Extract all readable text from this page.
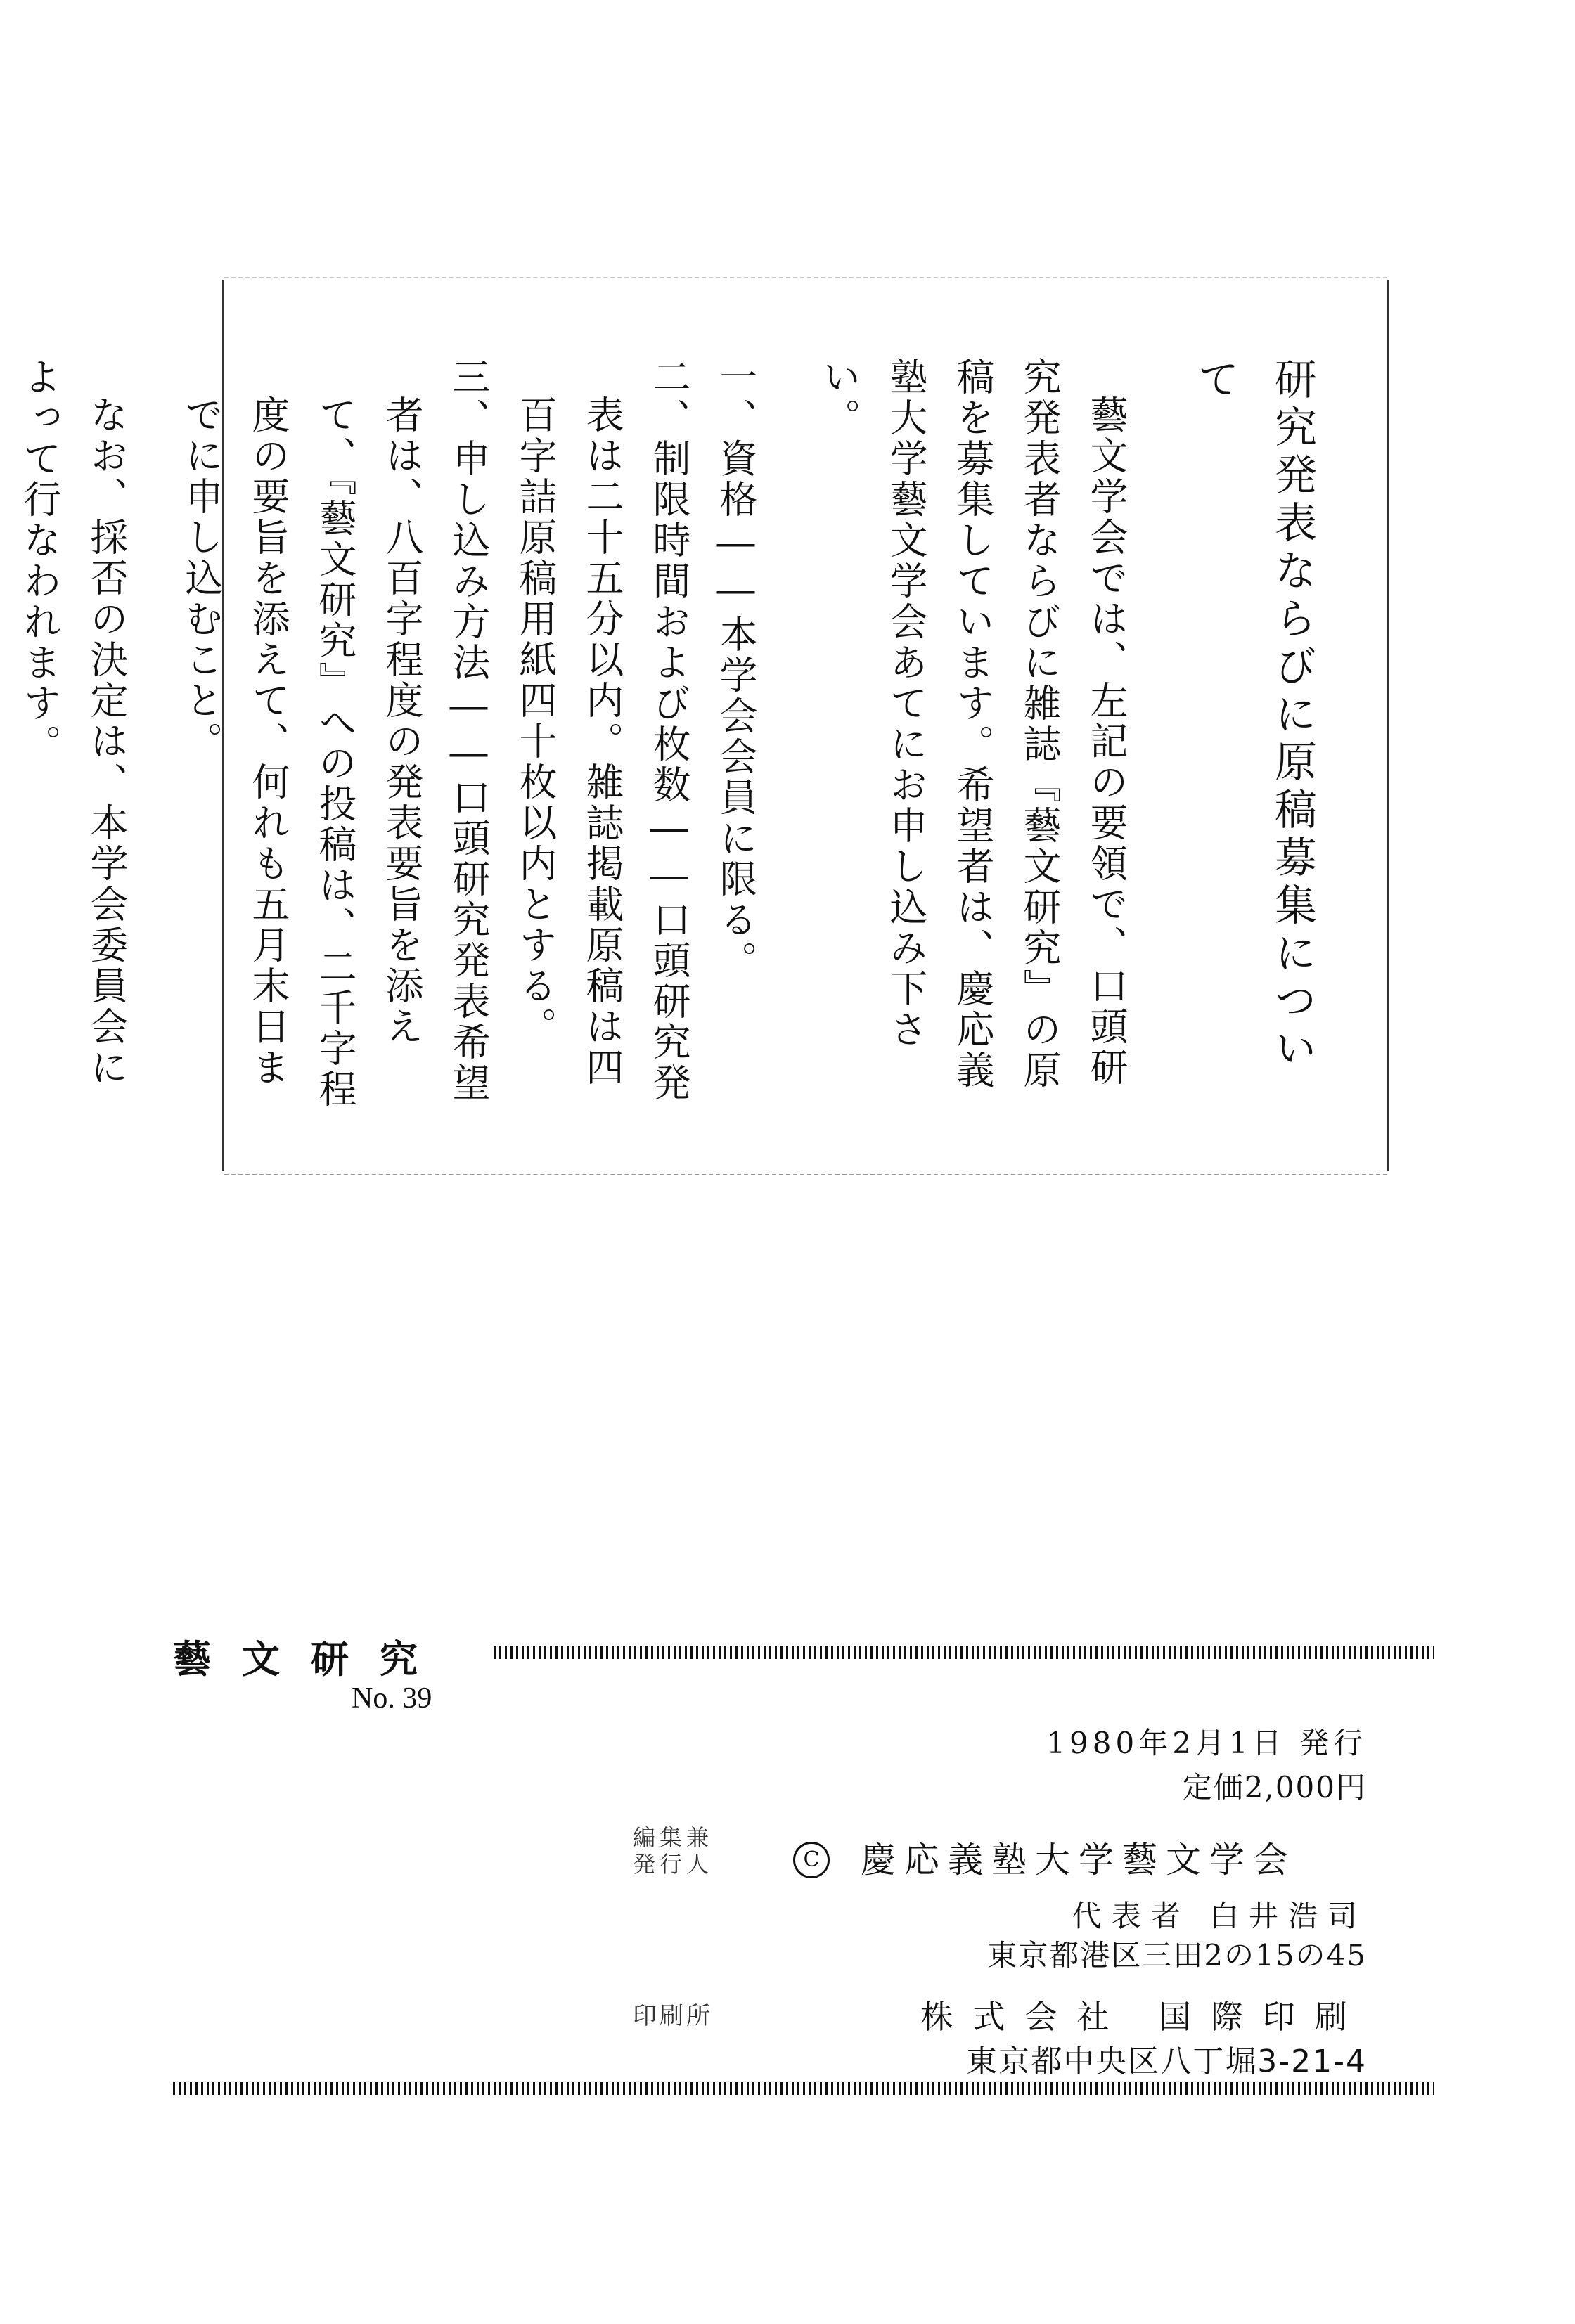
研究発表ならびに原稿募集について

藝文学会では、左記の要領で、口頭研究発表者ならびに雑誌『藝文研究』の原稿を募集しています。希望者は、慶応義塾大学藝文学会あてにお申し込み下さい。

一、資格――本学会会員に限る。

二、制限時間および枚数――口頭研究発表は二十五分以内。雑誌掲載原稿は四百字詰原稿用紙四十枚以内とする。

三、申し込み方法――口頭研究発表希望者は、八百字程度の発表要旨を添えて、『藝文研究』への投稿は、二千字程度の要旨を添えて、何れも五月末日までに申し込むこと。

なお、採否の決定は、本学会委員会によって行なわれます。

藝文研究
No. 39
1980年2月1日 発行
定価2,000円
編集兼
発行人	C 慶応義塾大学藝文学会
代表者 白井浩司
東京都港区三田2の15の45
印刷所	株式会社 国際印刷
東京都中央区八丁堀3-21-4
